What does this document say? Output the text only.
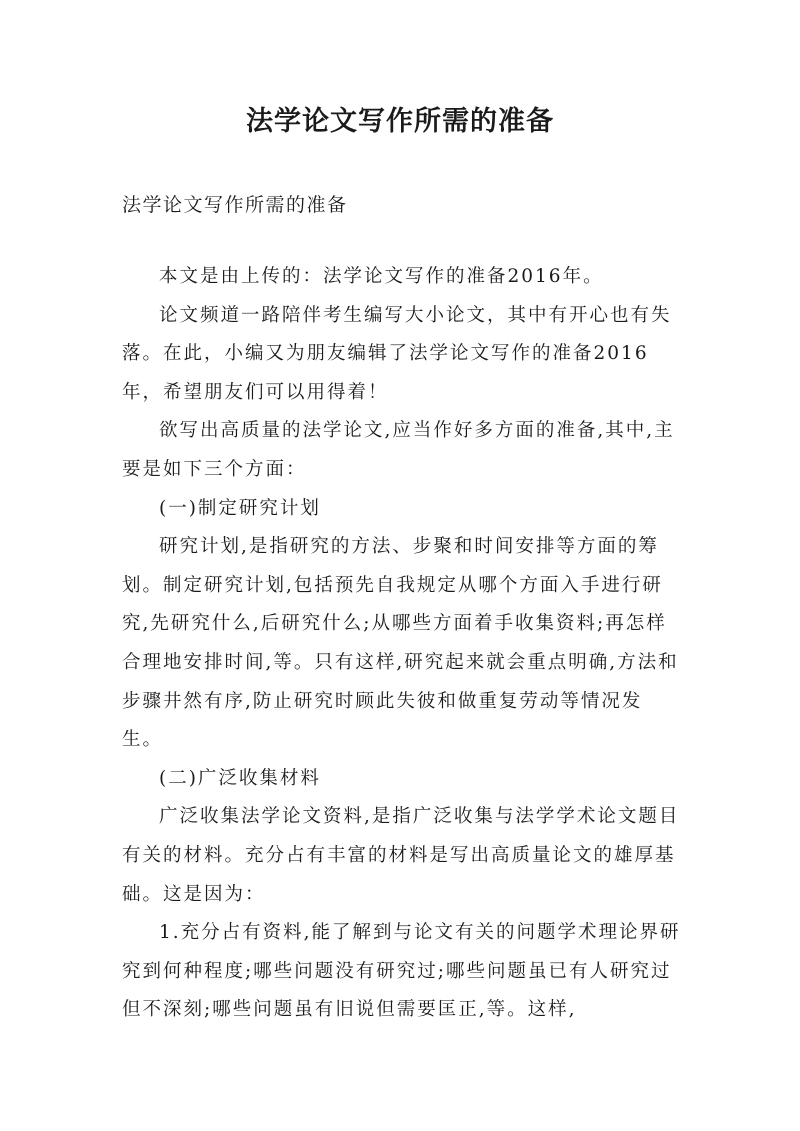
法学论文写作所需的准备

法学论文写作所需的准备

本文是由上传的：法学论文写作的准备2016年。

论文频道一路陪伴考生编写大小论文，其中有开心也有失落。在此，小编又为朋友编辑了法学论文写作的准备2016年，希望朋友们可以用得着！

欲写出高质量的法学论文,应当作好多方面的准备,其中,主要是如下三个方面：

(一)制定研究计划

研究计划,是指研究的方法、步聚和时间安排等方面的筹划。制定研究计划,包括预先自我规定从哪个方面入手进行研究,先研究什么,后研究什么;从哪些方面着手收集资料;再怎样合理地安排时间,等。只有这样,研究起来就会重点明确,方法和步骤井然有序,防止研究时顾此失彼和做重复劳动等情况发生。

(二)广泛收集材料

广泛收集法学论文资料,是指广泛收集与法学学术论文题目有关的材料。充分占有丰富的材料是写出高质量论文的雄厚基础。这是因为：

1.充分占有资料,能了解到与论文有关的问题学术理论界研究到何种程度;哪些问题没有研究过;哪些问题虽已有人研究过但不深刻;哪些问题虽有旧说但需要匡正,等。这样,
